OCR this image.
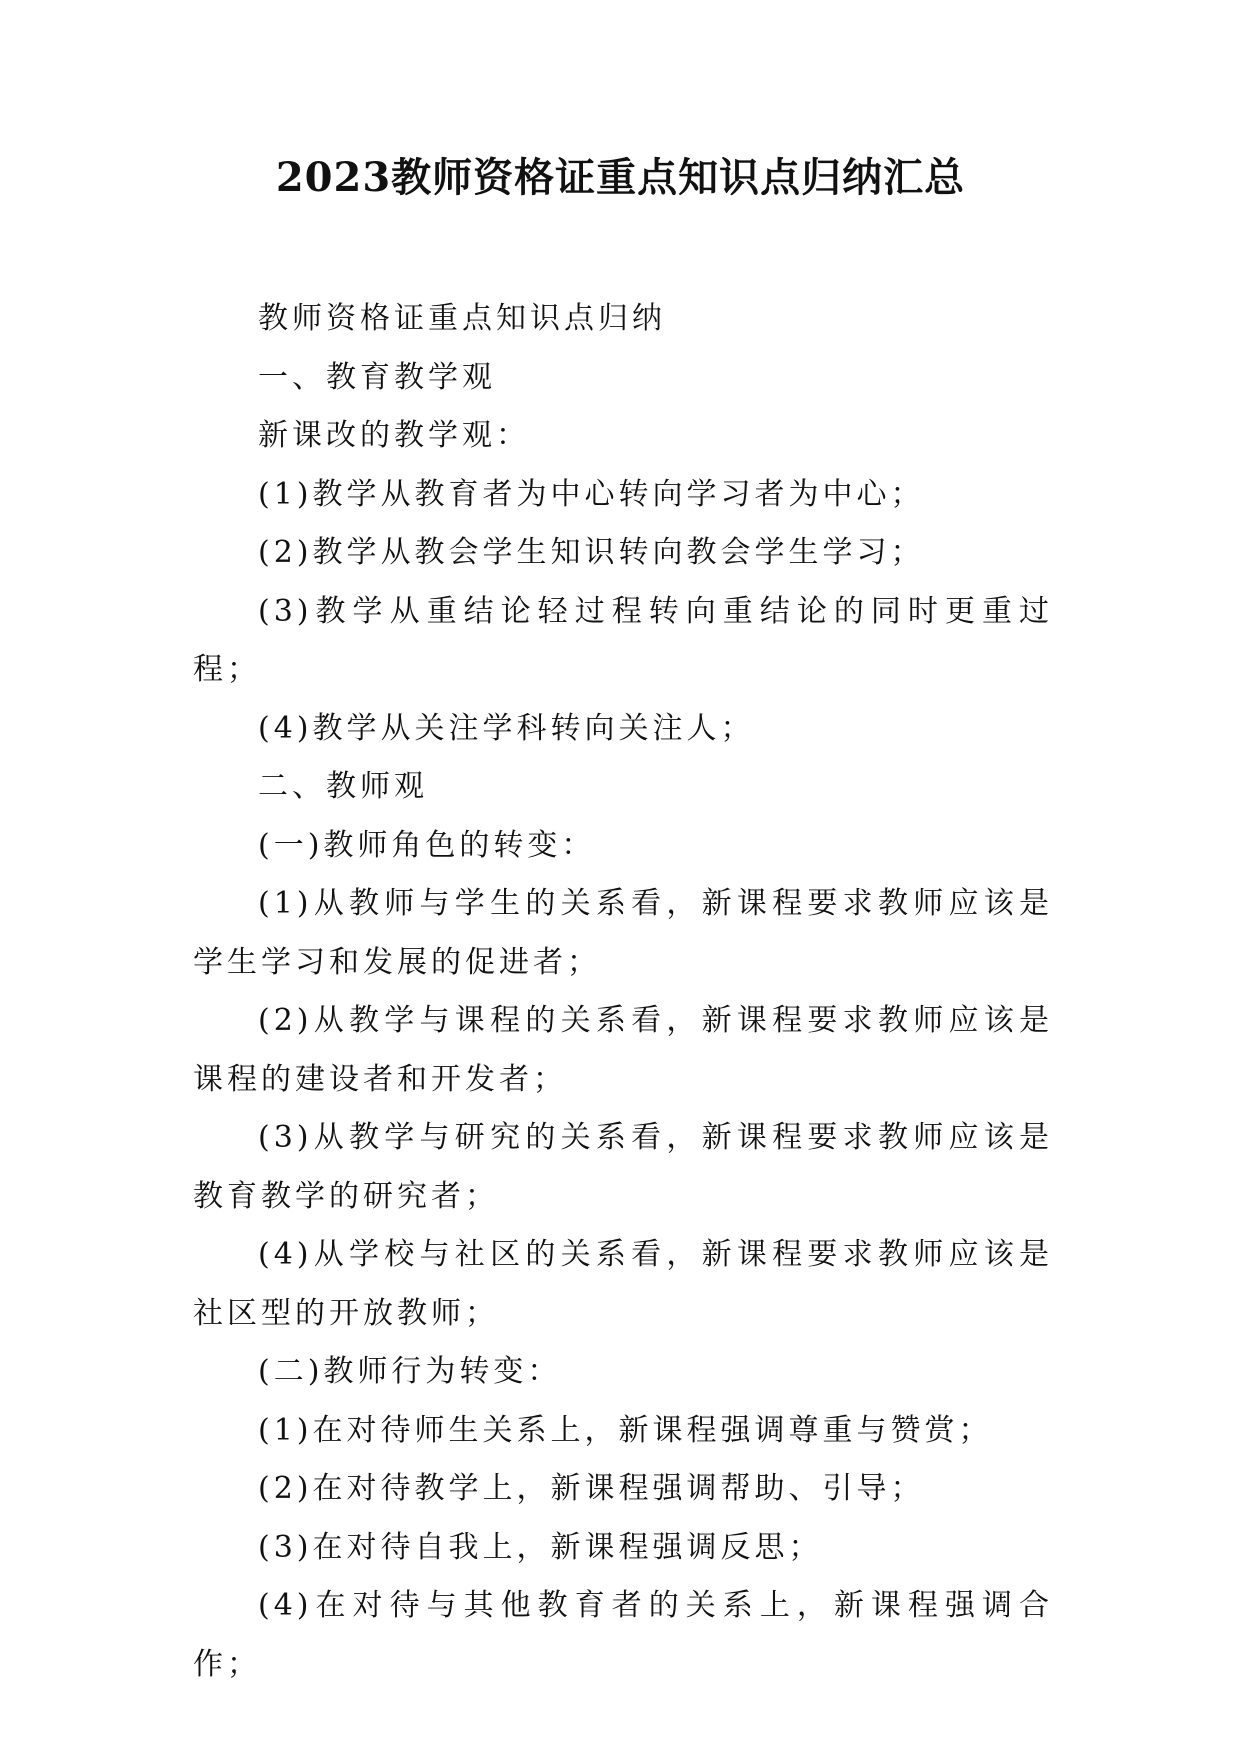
2023教师资格证重点知识点归纳汇总

教师资格证重点知识点归纳

一、教育教学观

新课改的教学观：

(1)教学从教育者为中心转向学习者为中心；

(2)教学从教会学生知识转向教会学生学习；

(3)教学从重结论轻过程转向重结论的同时更重过程；

(4)教学从关注学科转向关注人；

二、教师观

(一)教师角色的转变：

(1)从教师与学生的关系看，新课程要求教师应该是学生学习和发展的促进者；

(2)从教学与课程的关系看，新课程要求教师应该是课程的建设者和开发者；

(3)从教学与研究的关系看，新课程要求教师应该是教育教学的研究者；

(4)从学校与社区的关系看，新课程要求教师应该是社区型的开放教师；

(二)教师行为转变：

(1)在对待师生关系上，新课程强调尊重与赞赏；

(2)在对待教学上，新课程强调帮助、引导；

(3)在对待自我上，新课程强调反思；

(4)在对待与其他教育者的关系上，新课程强调合作；
